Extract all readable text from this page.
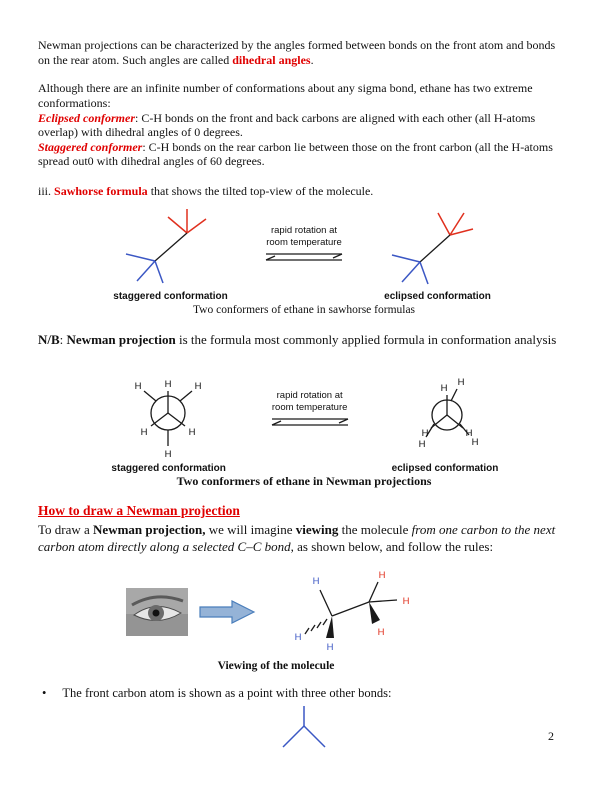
Newman projections can be characterized by the angles formed between bonds on the front atom and bonds on the rear atom. Such angles are called dihedral angles.

Although there are an infinite number of conformations about any sigma bond, ethane has two extreme conformations:
Eclipsed conformer: C-H bonds on the front and back carbons are aligned with each other (all H-atoms overlap) with dihedral angles of 0 degrees.
Staggered conformer: C-H bonds on the rear carbon lie between those on the front carbon (all the H-atoms spread out0 with dihedral angles of 60 degrees.

iii. Sawhorse formula that shows the tilted top-view of the molecule.

staggered conformation
rapid rotation at
room temperature
eclipsed conformation

Two conformers of ethane in sawhorse formulas

N/B: Newman projection is the formula most commonly applied formula in conformation analysis

H
H	H
H	H
H
staggered conformation
rapid rotation at
room temperature
H
H
H
H
H
H
eclipsed conformation

Two conformers of ethane in Newman projections

How to draw a Newman projection

To draw a Newman projection, we will imagine viewing the molecule from one carbon to the next carbon atom directly along a selected C–C bond, as shown below, and follow the rules:

H
H
H
H
H
H

Viewing of the molecule

• The front carbon atom is shown as a point with three other bonds:
2
